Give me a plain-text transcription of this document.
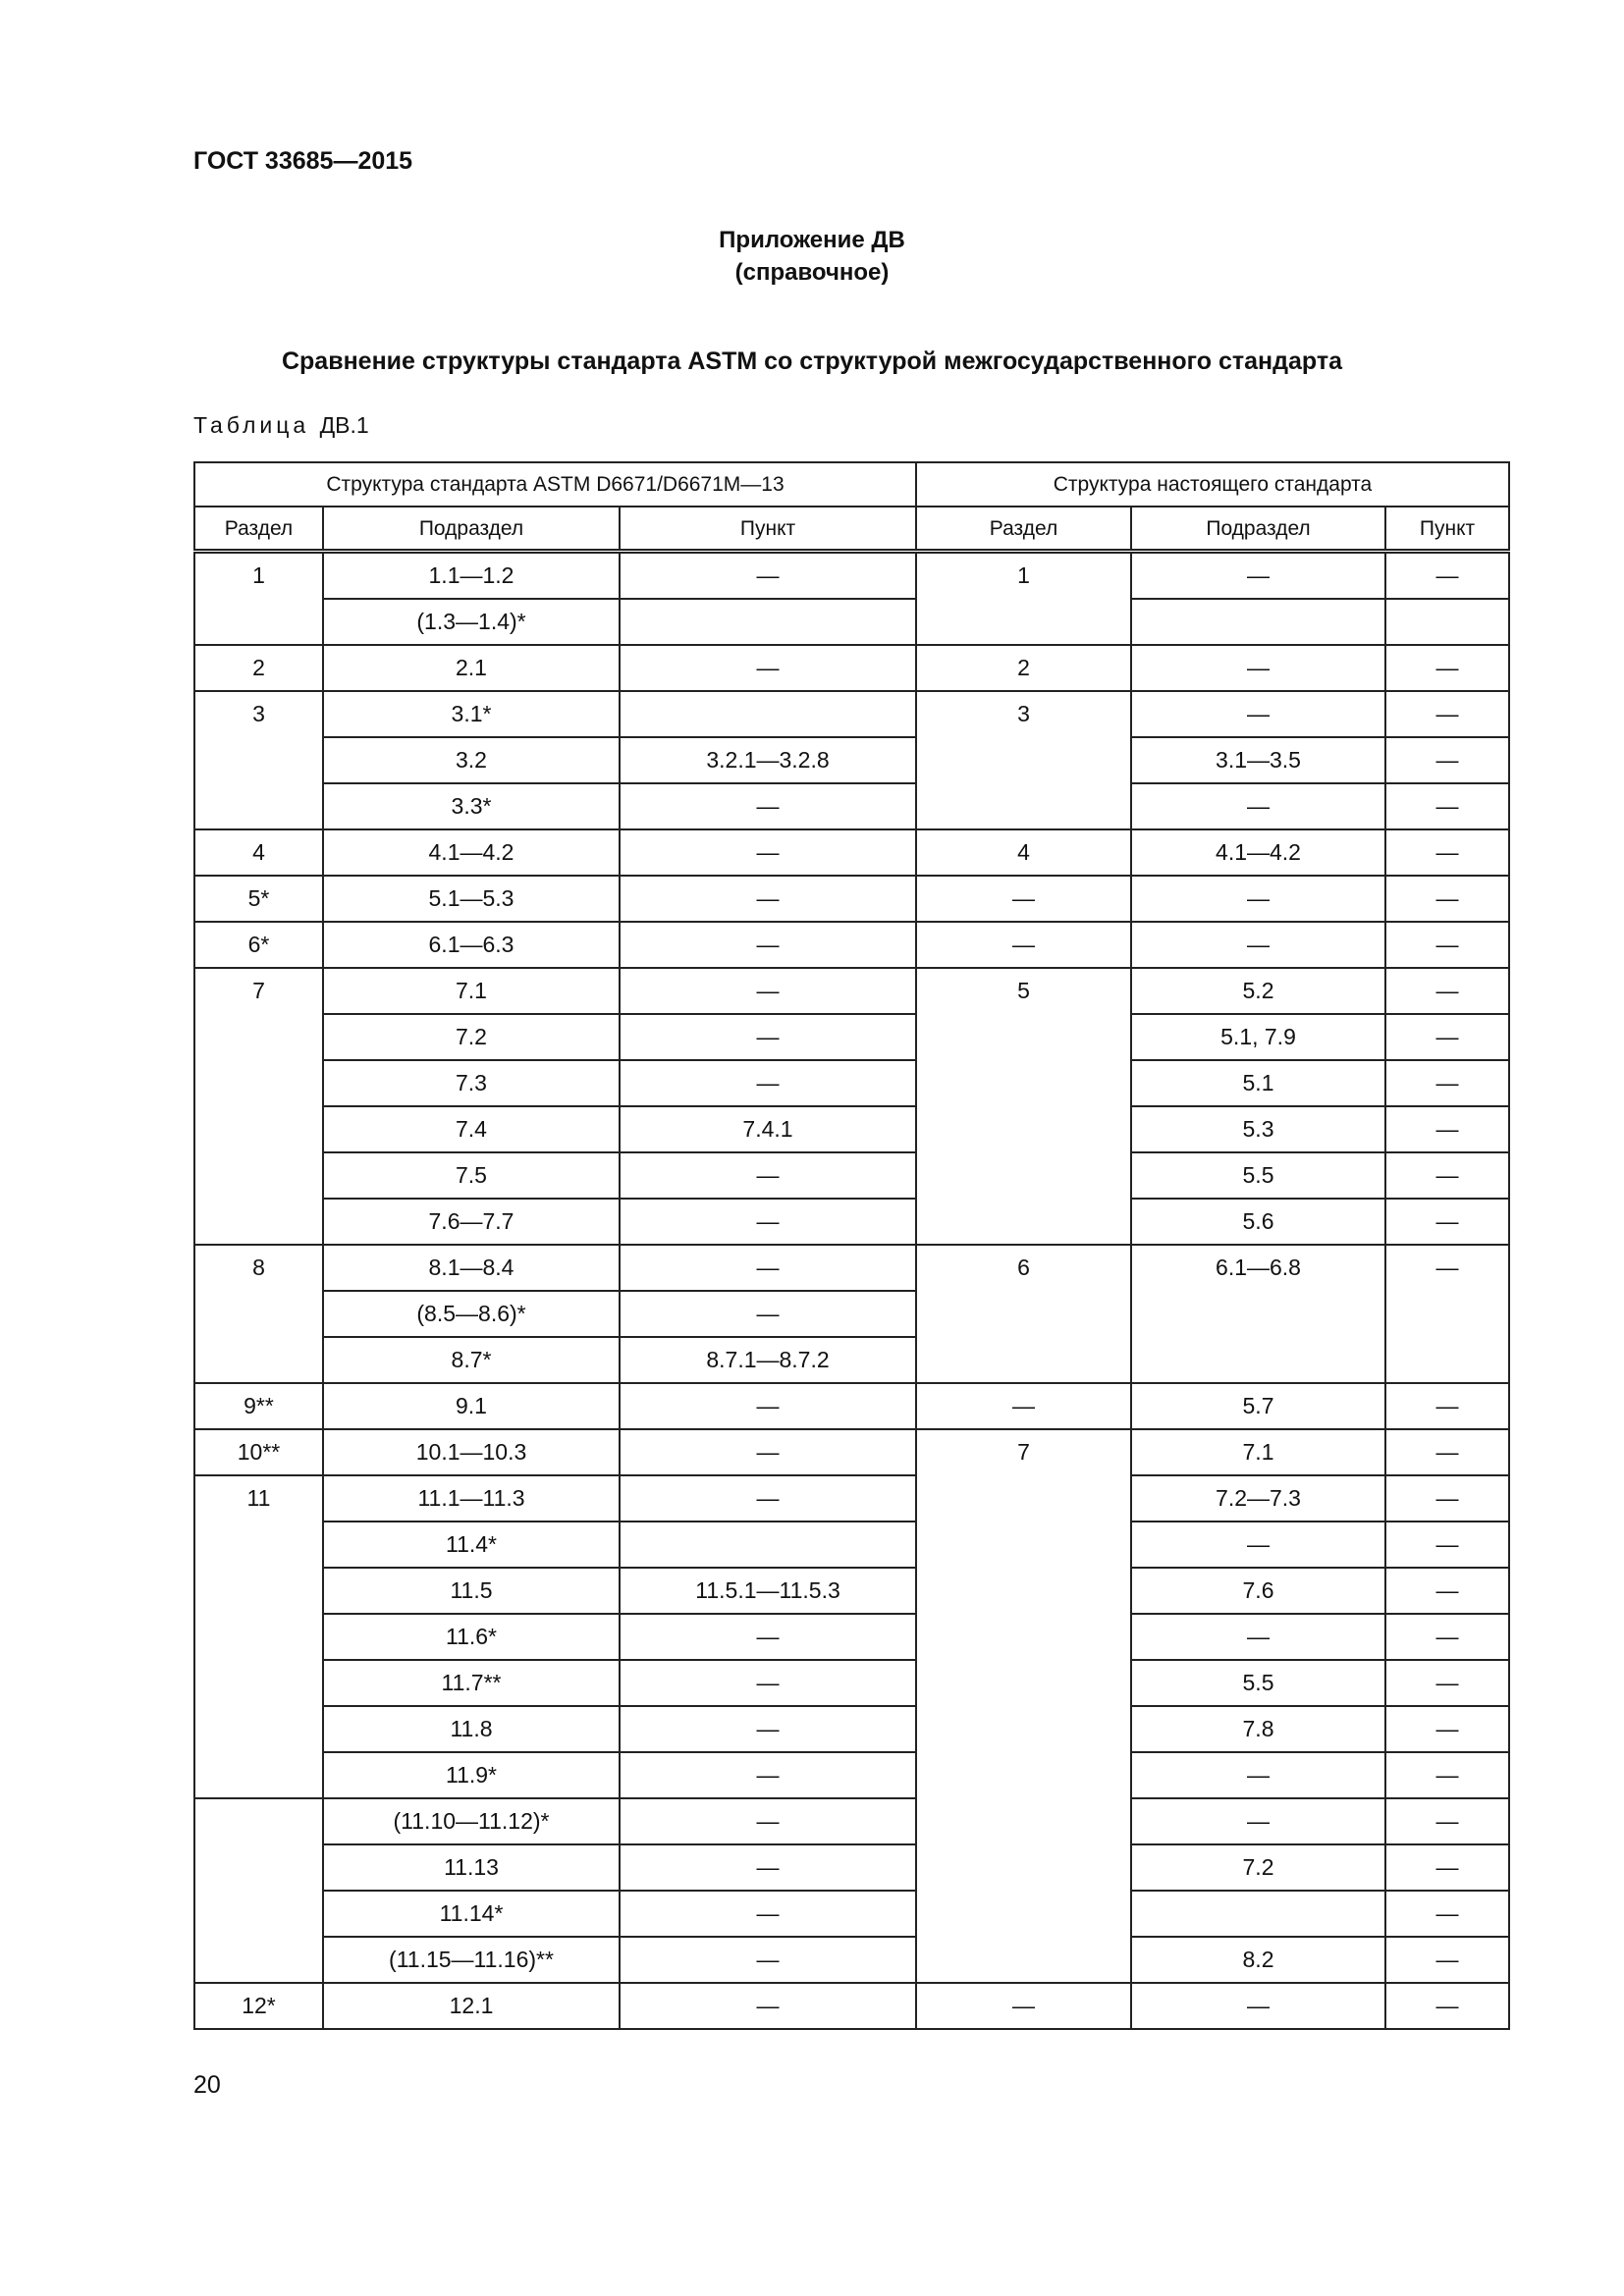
ГОСТ 33685—2015
Приложение ДВ
(справочное)
Сравнение структуры стандарта ASTM со структурой межгосударственного стандарта
Таблица ДВ.1
Структура стандарта ASTM D6671/D6671M—13			Структура настоящего стандарта		
Раздел	Подраздел	Пункт	Раздел	Подраздел	Пункт
1	1.1—1.2	—	1	—	—
	(1.3—1.4)*				
2	2.1	—	2	—	—
3	3.1*		3	—	—
	3.2	3.2.1—3.2.8		3.1—3.5	—
	3.3*	—		—	—
4	4.1—4.2	—	4	4.1—4.2	—
5*	5.1—5.3	—	—	—	—
6*	6.1—6.3	—	—	—	—
7	7.1	—	5	5.2	—
	7.2	—		5.1, 7.9	—
	7.3	—		5.1	—
	7.4	7.4.1		5.3	—
	7.5	—		5.5	—
	7.6—7.7	—		5.6	—
8	8.1—8.4	—	6	6.1—6.8	—
	(8.5—8.6)*	—			
	8.7*	8.7.1—8.7.2			
9**	9.1	—	—	5.7	—
10**	10.1—10.3	—	7	7.1	—
11	11.1—11.3	—		7.2—7.3	—
	11.4*			—	—
	11.5	11.5.1—11.5.3		7.6	—
	11.6*	—		—	—
	11.7**	—		5.5	—
	11.8	—		7.8	—
	11.9*	—		—	—
	(11.10—11.12)*	—		—	—
	11.13	—		7.2	—
	11.14*	—			—
	(11.15—11.16)**	—		8.2	—
12*	12.1	—	—	—	—
20
